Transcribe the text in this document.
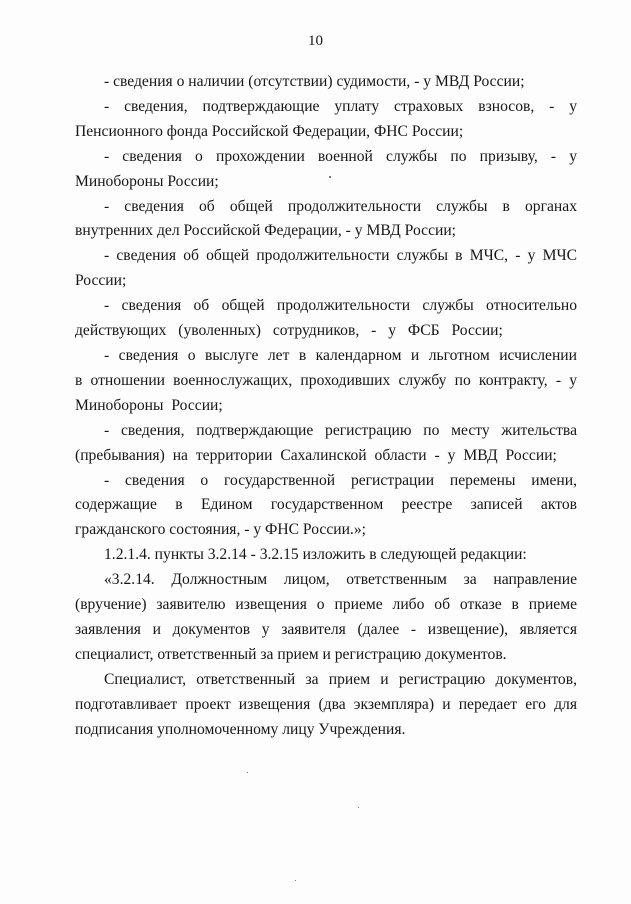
10

- сведения о наличии (отсутствии) судимости, - у МВД России;

- сведения, подтверждающие уплату страховых взносов, - у Пенсионного фонда Российской Федерации, ФНС России;

- сведения о прохождении военной службы по призыву, - у Минобороны России;

- сведения об общей продолжительности службы в органах внутренних дел Российской Федерации, - у МВД России;

- сведения об общей продолжительности службы в МЧС, - у МЧС России;

- сведения об общей продолжительности службы относительно действующих (уволенных) сотрудников, - у ФСБ России;

- сведения о выслуге лет в календарном и льготном исчислении в отношении военнослужащих, проходивших службу по контракту, - у Минобороны России;

- сведения, подтверждающие регистрацию по месту жительства (пребывания) на территории Сахалинской области - у МВД России;

- сведения о государственной регистрации перемены имени, содержащие в Едином государственном реестре записей актов гражданского состояния, - у ФНС России.»;

1.2.1.4. пункты 3.2.14 - 3.2.15 изложить в следующей редакции:

«3.2.14. Должностным лицом, ответственным за направление (вручение) заявителю извещения о приеме либо об отказе в приеме заявления и документов у заявителя (далее - извещение), является специалист, ответственный за прием и регистрацию документов.

Специалист, ответственный за прием и регистрацию документов, подготавливает проект извещения (два экземпляра) и передает его для подписания уполномоченному лицу Учреждения.
